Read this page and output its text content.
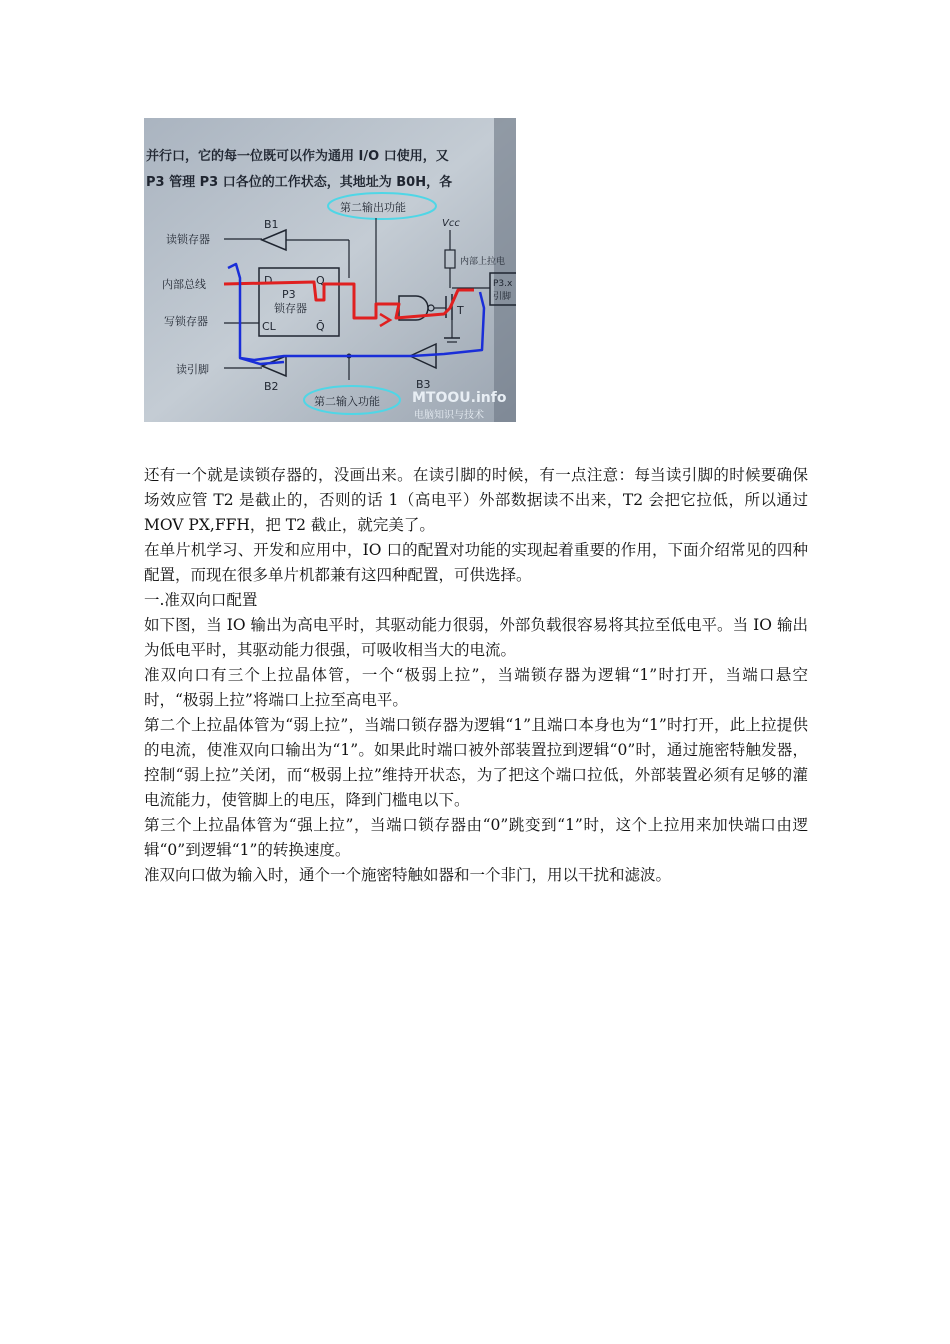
并行口，它的每一位既可以作为通用 I/O 口使用，又
P3 管理 P3 口各位的工作状态，其地址为 B0H，各
第二输出功能
读锁存器
内部总线
写锁存器
读引脚
B1
D	Q
P3
锁存器
CL	Q̄
Vcc
内部上拉电
T
P3.x
引脚
B2	B3
第二输入功能 MTOOU.info
电脑知识与技术

还有一个就是读锁存器的，没画出来。在读引脚的时候，有一点注意：每当读引脚的时候要确保场效应管 T2 是截止的，否则的话 1（高电平）外部数据读不出来，T2 会把它拉低，所以通过 MOV PX,FFH，把 T2 截止，就完美了。

在单片机学习、开发和应用中，IO 口的配置对功能的实现起着重要的作用，下面介绍常见的四种配置，而现在很多单片机都兼有这四种配置，可供选择。

一.准双向口配置

如下图，当 IO 输出为高电平时，其驱动能力很弱，外部负载很容易将其拉至低电平。当 IO 输出为低电平时，其驱动能力很强，可吸收相当大的电流。

准双向口有三个上拉晶体管，一个“极弱上拉”，当端锁存器为逻辑“1”时打开，当端口悬空时，“极弱上拉”将端口上拉至高电平。

第二个上拉晶体管为“弱上拉”，当端口锁存器为逻辑“1”且端口本身也为“1”时打开，此上拉提供的电流，使准双向口输出为“1”。如果此时端口被外部装置拉到逻辑“0”时，通过施密特触发器，控制“弱上拉”关闭，而“极弱上拉”维持开状态，为了把这个端口拉低，外部装置必须有足够的灌电流能力，使管脚上的电压，降到门槛电以下。

第三个上拉晶体管为“强上拉”，当端口锁存器由“0”跳变到“1”时，这个上拉用来加快端口由逻辑“0”到逻辑“1”的转换速度。

准双向口做为输入时，通个一个施密特触如器和一个非门，用以干扰和滤波。
